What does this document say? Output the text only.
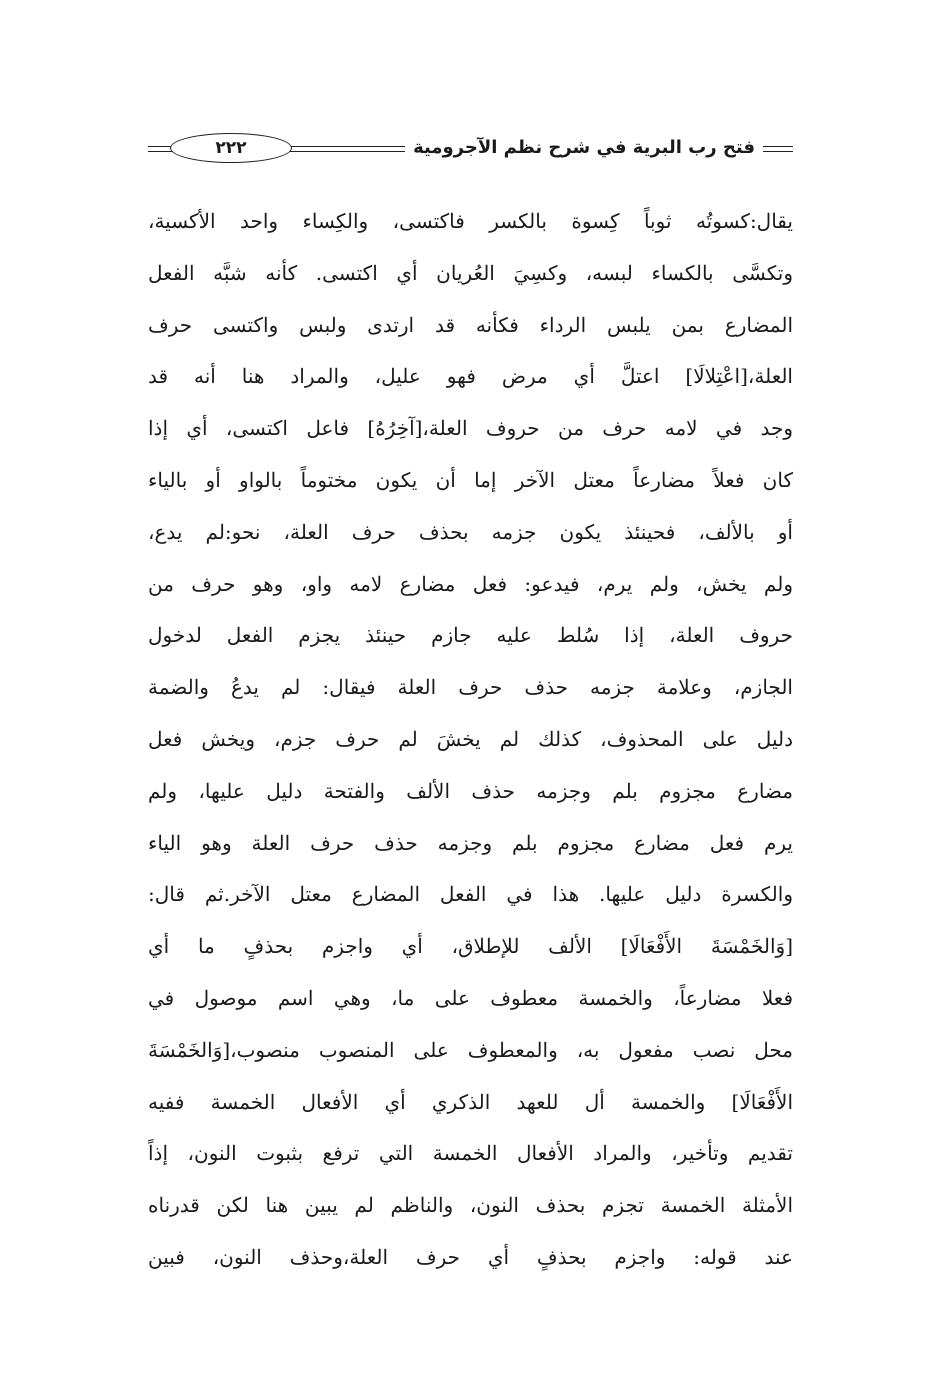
فتح رب البرية في شرح نظم الآجرومية
٢٢٢
يقال:كسوتُه ثوباً كِسوة بالكسر فاكتسى، والكِساء واحد الأكسية،
وتكسَّى بالكساء لبسه، وكسِيَ العُريان أي اكتسى. كأنه شبَّه الفعل
المضارع بمن يلبس الرداء فكأنه قد ارتدى ولبس واكتسى حرف
العلة،[اعْتِلالَا] اعتلَّ أي مرض فهو عليل، والمراد هنا أنه قد
وجد في لامه حرف من حروف العلة،[آخِرُهُ] فاعل اكتسى، أي إذا
كان فعلاً مضارعاً معتل الآخر إما أن يكون مختوماً بالواو أو بالياء
أو بالألف، فحينئذ يكون جزمه بحذف حرف العلة، نحو:لم يدع،
ولم يخش، ولم يرم، فيدعو: فعل مضارع لامه واو، وهو حرف من
حروف العلة، إذا سُلط عليه جازم حينئذ يجزم الفعل لدخول
الجازم، وعلامة جزمه حذف حرف العلة فيقال: لم يدعُ والضمة
دليل على المحذوف، كذلك لم يخشَ لم حرف جزم، ويخش فعل
مضارع مجزوم بلم وجزمه حذف الألف والفتحة دليل عليها، ولم
يرم فعل مضارع مجزوم بلم وجزمه حذف حرف العلة وهو الياء
والكسرة دليل عليها. هذا في الفعل المضارع معتل الآخر.ثم قال:
[وَالخَمْسَةَ الأَفْعَالَا] الألف للإطلاق، أي واجزم بحذفٍ ما أي
فعلا مضارعاً، والخمسة معطوف على ما، وهي اسم موصول في
محل نصب مفعول به، والمعطوف على المنصوب منصوب،[وَالخَمْسَةَ
الأَفْعَالَا] والخمسة أل للعهد الذكري أي الأفعال الخمسة ففيه
تقديم وتأخير، والمراد الأفعال الخمسة التي ترفع بثبوت النون، إذاً
الأمثلة الخمسة تجزم بحذف النون، والناظم لم يبين هنا لكن قدرناه
عند قوله: واجزم بحذفٍ أي حرف العلة،وحذف النون، فبين
